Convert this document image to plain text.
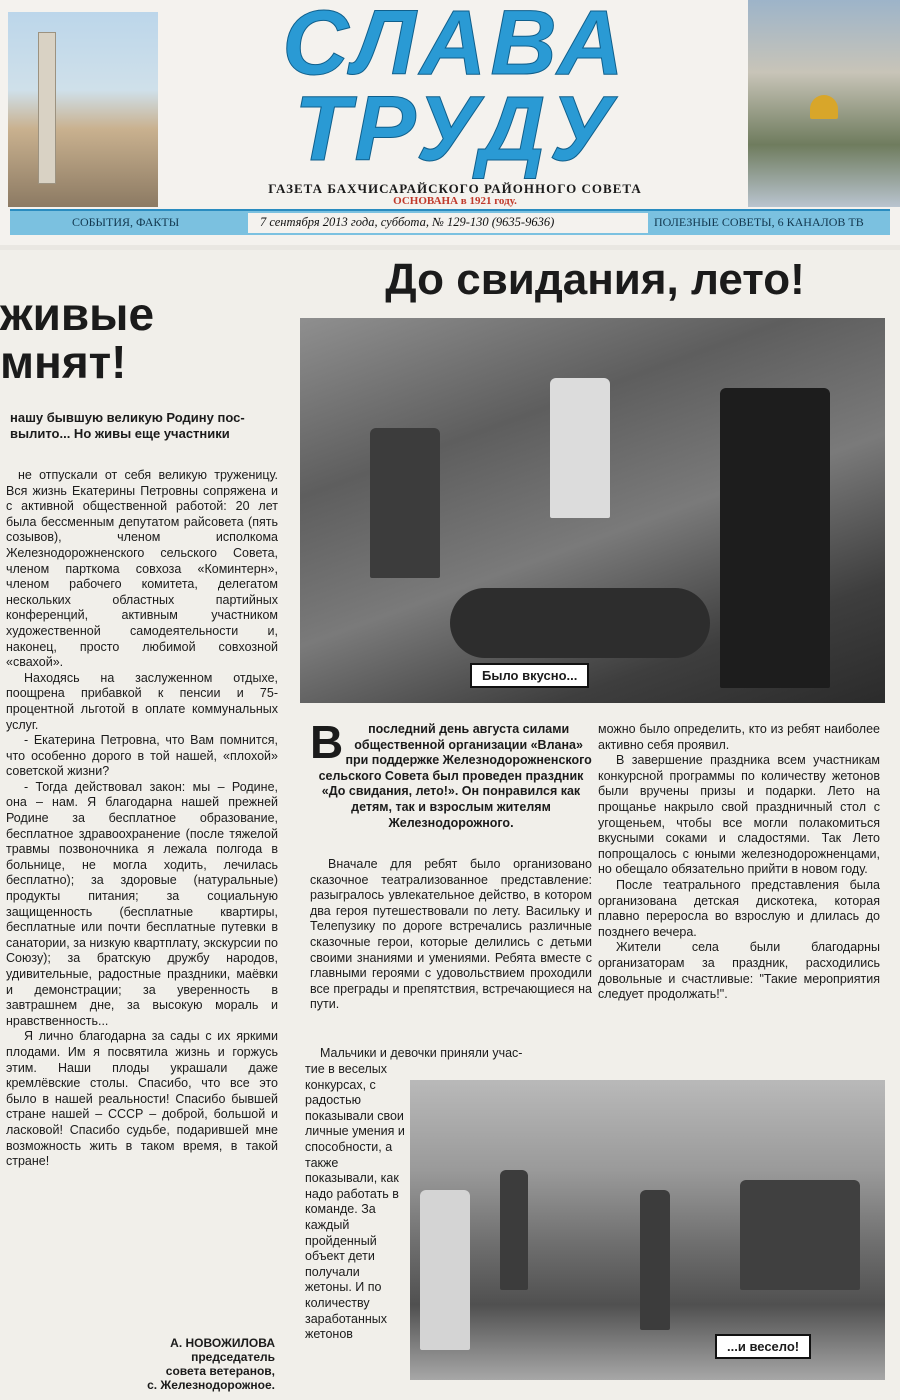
СЛАВА
ТРУДУ
ГАЗЕТА БАХЧИСАРАЙСКОГО РАЙОННОГО СОВЕТА
ОСНОВАНА в 1921 году.
СОБЫТИЯ, ФАКТЫ	7 сентября 2013 года, суббота, № 129-130 (9635-9636)	ПОЛЕЗНЫЕ СОВЕТЫ, 6 КАНАЛОВ ТВ
живые
мнят!
нашу бывшую великую Родину пос-
вылито... Но живы еще участники

не отпускали от себя великую труженицу. Вся жизнь Екатерины Петровны сопряжена и с активной общественной работой: 20 лет была бессменным депутатом райсовета (пять созывов), членом исполкома Железнодорожненского сельского Совета, членом парткома совхоза «Коминтерн», членом рабочего комитета, делегатом нескольких областных партийных конференций, активным участником художественной самодеятельности и, наконец, просто любимой совхозной «свахой».

Находясь на заслуженном отдыхе, поощрена прибавкой к пенсии и 75-процентной льготой в оплате коммунальных услуг.

- Екатерина Петровна, что Вам помнится, что особенно дорого в той нашей, «плохой» советской жизни?

- Тогда действовал закон: мы – Родине, она – нам. Я благодарна нашей прежней Родине за бесплатное образование, бесплатное здравоохранение (после тяжелой травмы позвоночника я лежала полгода в больнице, не могла ходить, лечилась бесплатно); за здоровые (натуральные) продукты питания; за социальную защищенность (бесплатные квартиры, бесплатные или почти бесплатные путевки в санатории, за низкую квартплату, экскурсии по Союзу); за братскую дружбу народов, удивительные, радостные праздники, маёвки и демонстрации; за уверенность в завтрашнем дне, за высокую мораль и нравственность...

Я лично благодарна за сады с их яркими плодами. Им я посвятила жизнь и горжусь этим. Наши плоды украшали даже кремлёвские столы. Спасибо, что все это было в нашей реальности! Спасибо бывшей стране нашей – СССР – доброй, большой и ласковой! Спасибо судьбе, подарившей мне возможность жить в таком время, в такой стране!

А. НОВОЖИЛОВА
председатель
совета ветеранов,
с. Железнодорожное.
До свидания, лето!
Было вкусно...
В последний день августа силами общественной организации «Влана» при поддержке Железнодорожненского сельского Совета был проведен праздник «До свидания, лето!». Он понравился как детям, так и взрослым жителям Железнодорожного.
Вначале для ребят было организовано сказочное театрализованное представление: разыгралось увлекательное действо, в котором два героя путешествовали по лету. Васильку и Телепузику по дороге встречались различные сказочные герои, которые делились с детьми своими знаниями и умениями. Ребята вместе с главными героями с удовольствием проходили все преграды и препятствия, встречающиеся на пути.
Мальчики и девочки приняли учас-
тие в веселых конкурсах, с радостью показывали свои личные умения и способности, а также показывали, как надо работать в команде. За каждый пройденный объект дети получали жетоны. И по количеству заработанных жетонов

можно было определить, кто из ребят наиболее активно себя проявил.

В завершение праздника всем участникам конкурсной программы по количеству жетонов были вручены призы и подарки. Лето на прощанье накрыло свой праздничный стол с угощеньем, чтобы все могли полакомиться вкусными соками и сладостями. Так Лето попрощалось с юными железнодорожненцами, но обещало обязательно прийти в новом году.

После театрального представления была организована детская дискотека, которая плавно переросла во взрослую и длилась до позднего вечера.

Жители села были благодарны организаторам за праздник, расходились довольные и счастливые: "Такие мероприятия следует продолжать!".

...и весело!
